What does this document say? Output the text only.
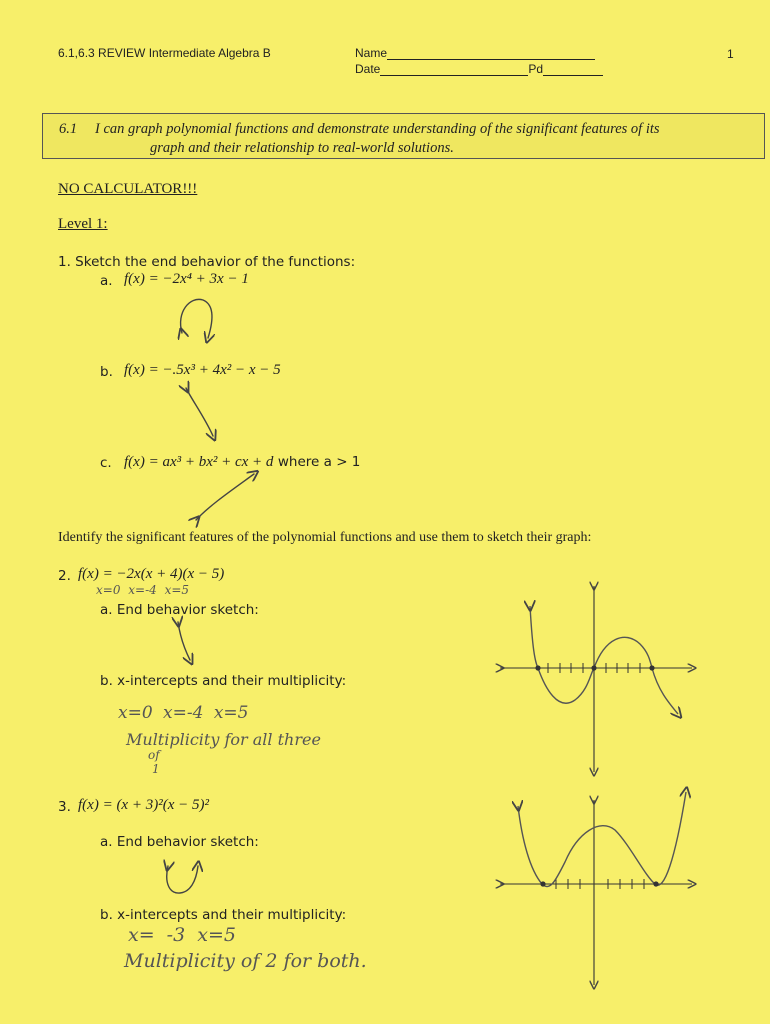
6.1,6.3 REVIEW Intermediate Algebra B	Name
Date	Pd
1
6.1 I can graph polynomial functions and demonstrate understanding of the significant features of its
graph and their relationship to real-world solutions.
NO CALCULATOR!!!
Level 1:
1. Sketch the end behavior of the functions:
a. f(x) = −2x⁴ + 3x − 1
b. f(x) = −.5x³ + 4x² − x − 5
c. f(x) = ax³ + bx² + cx + d where a > 1
Identify the significant features of the polynomial functions and use them to sketch their graph:
2. f(x) = −2x(x + 4)(x − 5)
x=0 x=-4 x=5
a. End behavior sketch:
b. x-intercepts and their multiplicity:
x=0 x=-4 x=5
Multiplicity for all three
of
1
3. f(x) = (x + 3)²(x − 5)²
a. End behavior sketch:
b. x-intercepts and their multiplicity:
x= -3 x=5
Multiplicity of 2 for both.
